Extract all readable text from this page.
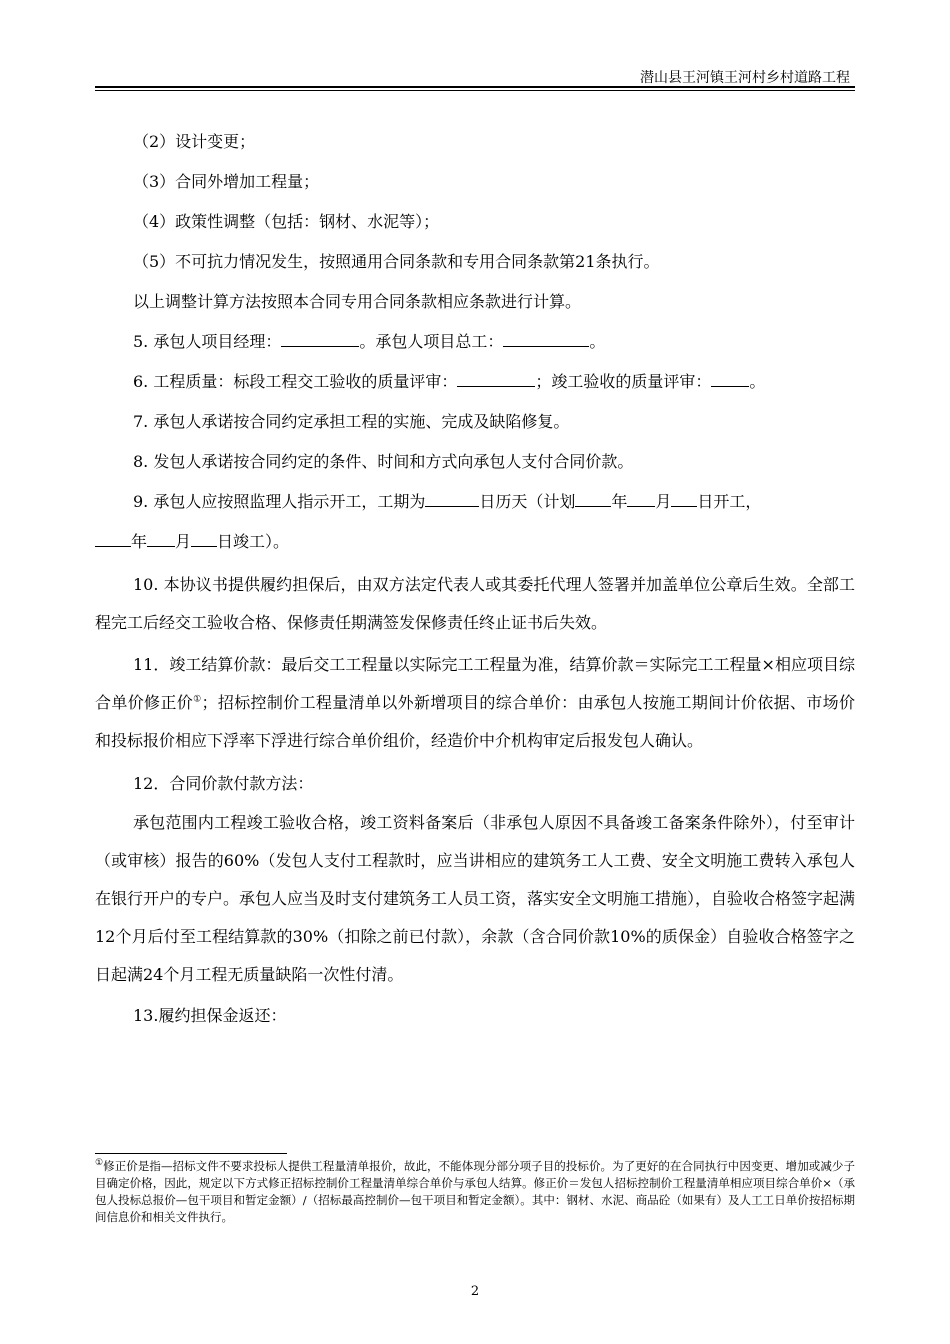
潜山县王河镇王河村乡村道路工程
（2）设计变更；
（3）合同外增加工程量；
（4）政策性调整（包括：钢材、水泥等）；
（5）不可抗力情况发生，按照通用合同条款和专用合同条款第21条执行。
以上调整计算方法按照本合同专用合同条款相应条款进行计算。
5. 承包人项目经理：	。承包人项目总工：	。
6. 工程质量：标段工程交工验收的质量评审：	；竣工验收的质量评审： 。
7. 承包人承诺按合同约定承担工程的实施、完成及缺陷修复。
8. 发包人承诺按合同约定的条件、时间和方式向承包人支付合同价款。
9. 承包人应按照监理人指示开工，工期为	日历天（计划 年 月 日开工，
年 月 日竣工）。

10. 本协议书提供履约担保后，由双方法定代表人或其委托代理人签署并加盖单位公章后生效。全部工程完工后经交工验收合格、保修责任期满签发保修责任终止证书后失效。

11．竣工结算价款：最后交工工程量以实际完工工程量为准，结算价款＝实际完工工程量×相应项目综合单价修正价①；招标控制价工程量清单以外新增项目的综合单价：由承包人按施工期间计价依据、市场价和投标报价相应下浮率下浮进行综合单价组价，经造价中介机构审定后报发包人确认。

12．合同价款付款方法：

承包范围内工程竣工验收合格，竣工资料备案后（非承包人原因不具备竣工备案条件除外），付至审计（或审核）报告的60%（发包人支付工程款时，应当讲相应的建筑务工人工费、安全文明施工费转入承包人在银行开户的专户。承包人应当及时支付建筑务工人员工资，落实安全文明施工措施），自验收合格签字起满12个月后付至工程结算款的30%（扣除之前已付款），余款（含合同价款10%的质保金）自验收合格签字之日起满24个月工程无质量缺陷一次性付清。

13.履约担保金返还：
①修正价是指—招标文件不要求投标人提供工程量清单报价，故此，不能体现分部分项子目的投标价。为了更好的在合同执行中因变更、增加或减少子目确定价格，因此，规定以下方式修正招标控制价工程量清单综合单价与承包人结算。修正价＝发包人招标控制价工程量清单相应项目综合单价×（承包人投标总报价—包干项目和暂定金额）/（招标最高控制价—包干项目和暂定金额）。其中：钢材、水泥、商品砼（如果有）及人工工日单价按招标期间信息价和相关文件执行。
2
